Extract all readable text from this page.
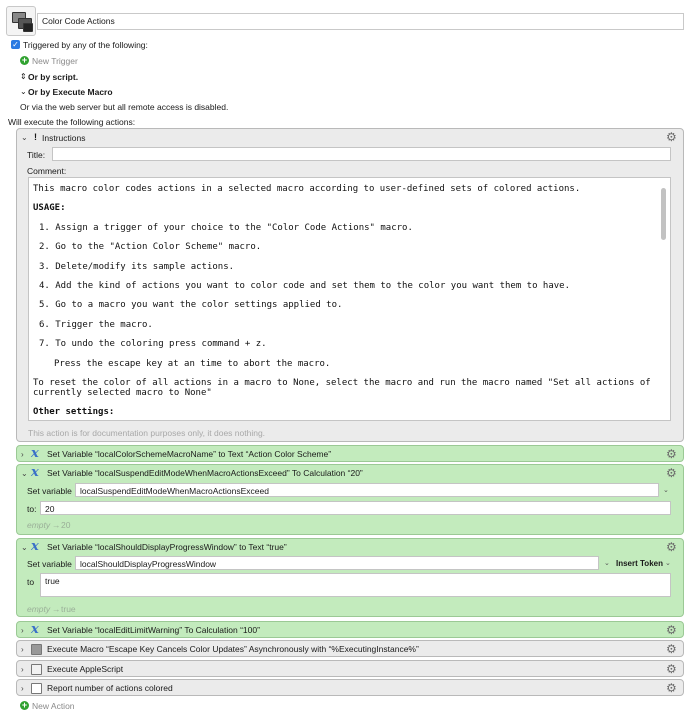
Color Code Actions
✓ Triggered by any of the following:
+ New Trigger
⇕ Or by script.
⌄ Or by Execute Macro
Or via the web server but all remote access is disabled.
Will execute the following actions:
⌄ ! Instructions	⚙
Title:
Comment:
This macro color codes actions in a selected macro according to user-defined sets of colored actions.
USAGE:
1. Assign a trigger of your choice to the "Color Code Actions" macro.
2. Go to the "Action Color Scheme" macro.
3. Delete/modify its sample actions.
4. Add the kind of actions you want to color code and set them to the color you want them to have.
5. Go to a macro you want the color settings applied to.
6. Trigger the macro.
7. To undo the coloring press command + z.
Press the escape key at an time to abort the macro.
To reset the color of all actions in a macro to None, select the macro and run the macro named "Set all actions of
currently selected macro to None"
Other settings:
This action is for documentation purposes only, it does nothing.
› x Set Variable “localColorSchemeMacroName” to Text “Action Color Scheme”	⚙
⌄ x Set Variable “localSuspendEditModeWhenMacroActionsExceed” To Calculation “20”	⚙
Set variable localSuspendEditModeWhenMacroActionsExceed	⌄
to:	20
empty → 20
⌄ x Set Variable “localShouldDisplayProgressWindow” to Text “true”	⚙
Set variable localShouldDisplayProgressWindow	⌄ Insert Token ⌄
to	true
empty → true
› x Set Variable “localEditLimitWarning” To Calculation “100”	⚙
›	Execute Macro “Escape Key Cancels Color Updates” Asynchronously with “%ExecutingInstance%”	⚙
›	Execute AppleScript	⚙
›	Report number of actions colored	⚙
+ New Action
